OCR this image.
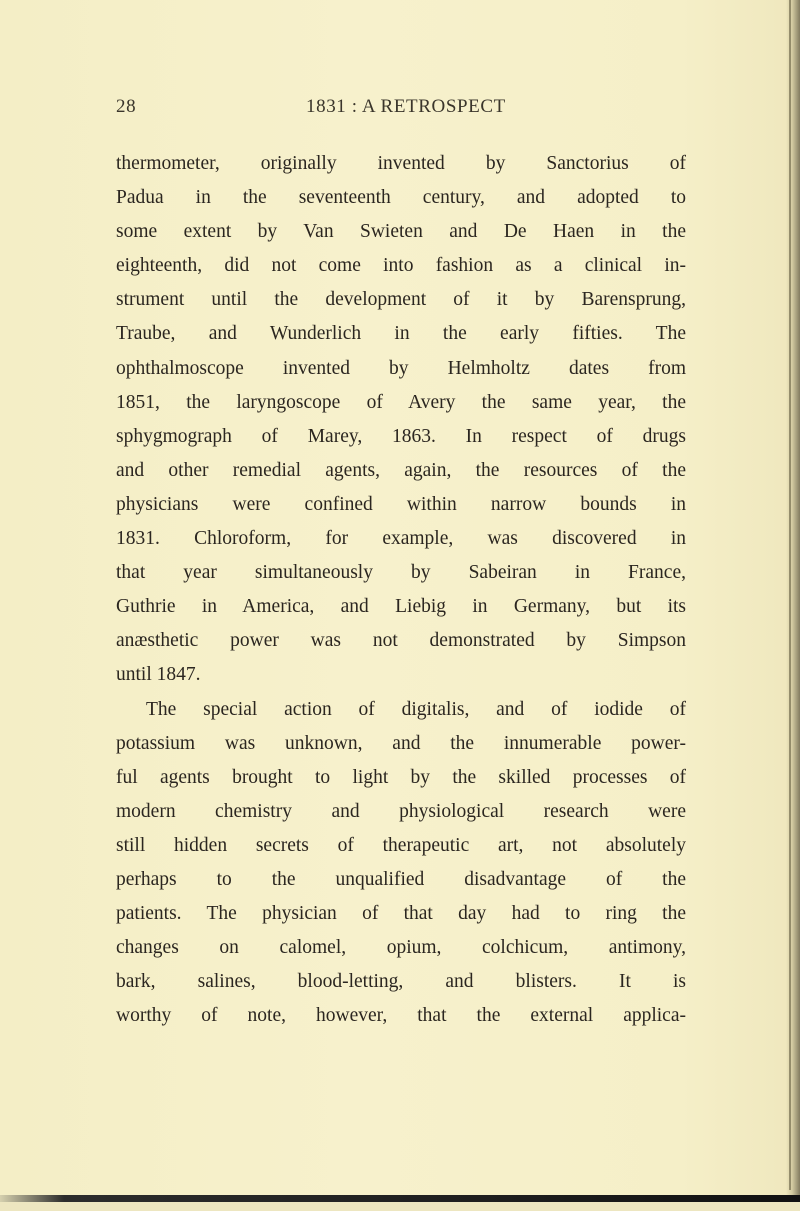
28	1831 : A RETROSPECT

thermometer, originally invented by Sanctorius of
Padua in the seventeenth century, and adopted to
some extent by Van Swieten and De Haen in the
eighteenth, did not come into fashion as a clinical in-
strument until the development of it by Barensprung,
Traube, and Wunderlich in the early fifties. The
ophthalmoscope invented by Helmholtz dates from
1851, the laryngoscope of Avery the same year, the
sphygmograph of Marey, 1863. In respect of drugs
and other remedial agents, again, the resources of the
physicians were confined within narrow bounds in
1831. Chloroform, for example, was discovered in
that year simultaneously by Sabeiran in France,
Guthrie in America, and Liebig in Germany, but its
anæsthetic power was not demonstrated by Simpson
until 1847.

The special action of digitalis, and of iodide of
potassium was unknown, and the innumerable power-
ful agents brought to light by the skilled processes of
modern chemistry and physiological research were
still hidden secrets of therapeutic art, not absolutely
perhaps to the unqualified disadvantage of the
patients. The physician of that day had to ring the
changes on calomel, opium, colchicum, antimony,
bark, salines, blood-letting, and blisters. It is
worthy of note, however, that the external applica-
